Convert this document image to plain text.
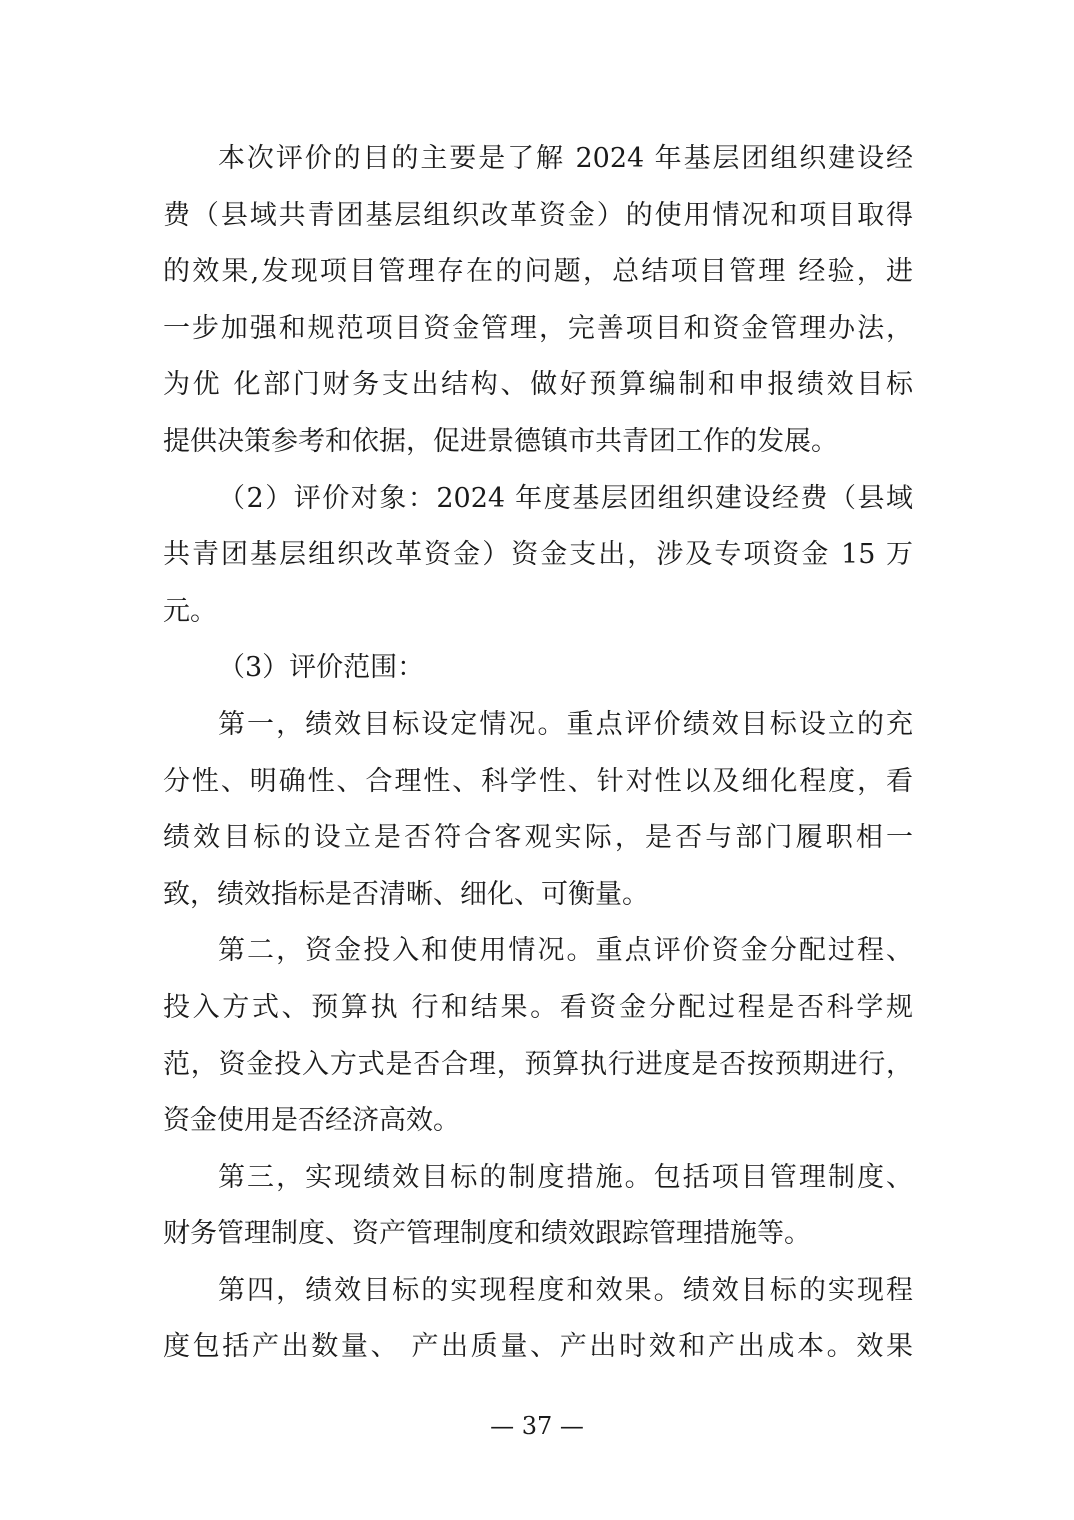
本次评价的目的主要是了解 2024 年基层团组织建设经
费（县域共青团基层组织改革资金）的使用情况和项目取得
的效果,发现项目管理存在的问题，总结项目管理 经验，进
一步加强和规范项目资金管理，完善项目和资金管理办法，
为优 化部门财务支出结构、做好预算编制和申报绩效目标
提供决策参考和依据，促进景德镇市共青团工作的发展。
（2）评价对象：2024 年度基层团组织建设经费（县域
共青团基层组织改革资金）资金支出，涉及专项资金 15 万
元。
（3）评价范围：
第一，绩效目标设定情况。重点评价绩效目标设立的充
分性、明确性、合理性、科学性、针对性以及细化程度，看
绩效目标的设立是否符合客观实际，是否与部门履职相一
致，绩效指标是否清晰、细化、可衡量。
第二，资金投入和使用情况。重点评价资金分配过程、
投入方式、预算执 行和结果。看资金分配过程是否科学规
范，资金投入方式是否合理，预算执行进度是否按预期进行，
资金使用是否经济高效。
第三，实现绩效目标的制度措施。包括项目管理制度、
财务管理制度、资产管理制度和绩效跟踪管理措施等。
第四，绩效目标的实现程度和效果。绩效目标的实现程
度包括产出数量、 产出质量、产出时效和产出成本。效果
— 37 —
